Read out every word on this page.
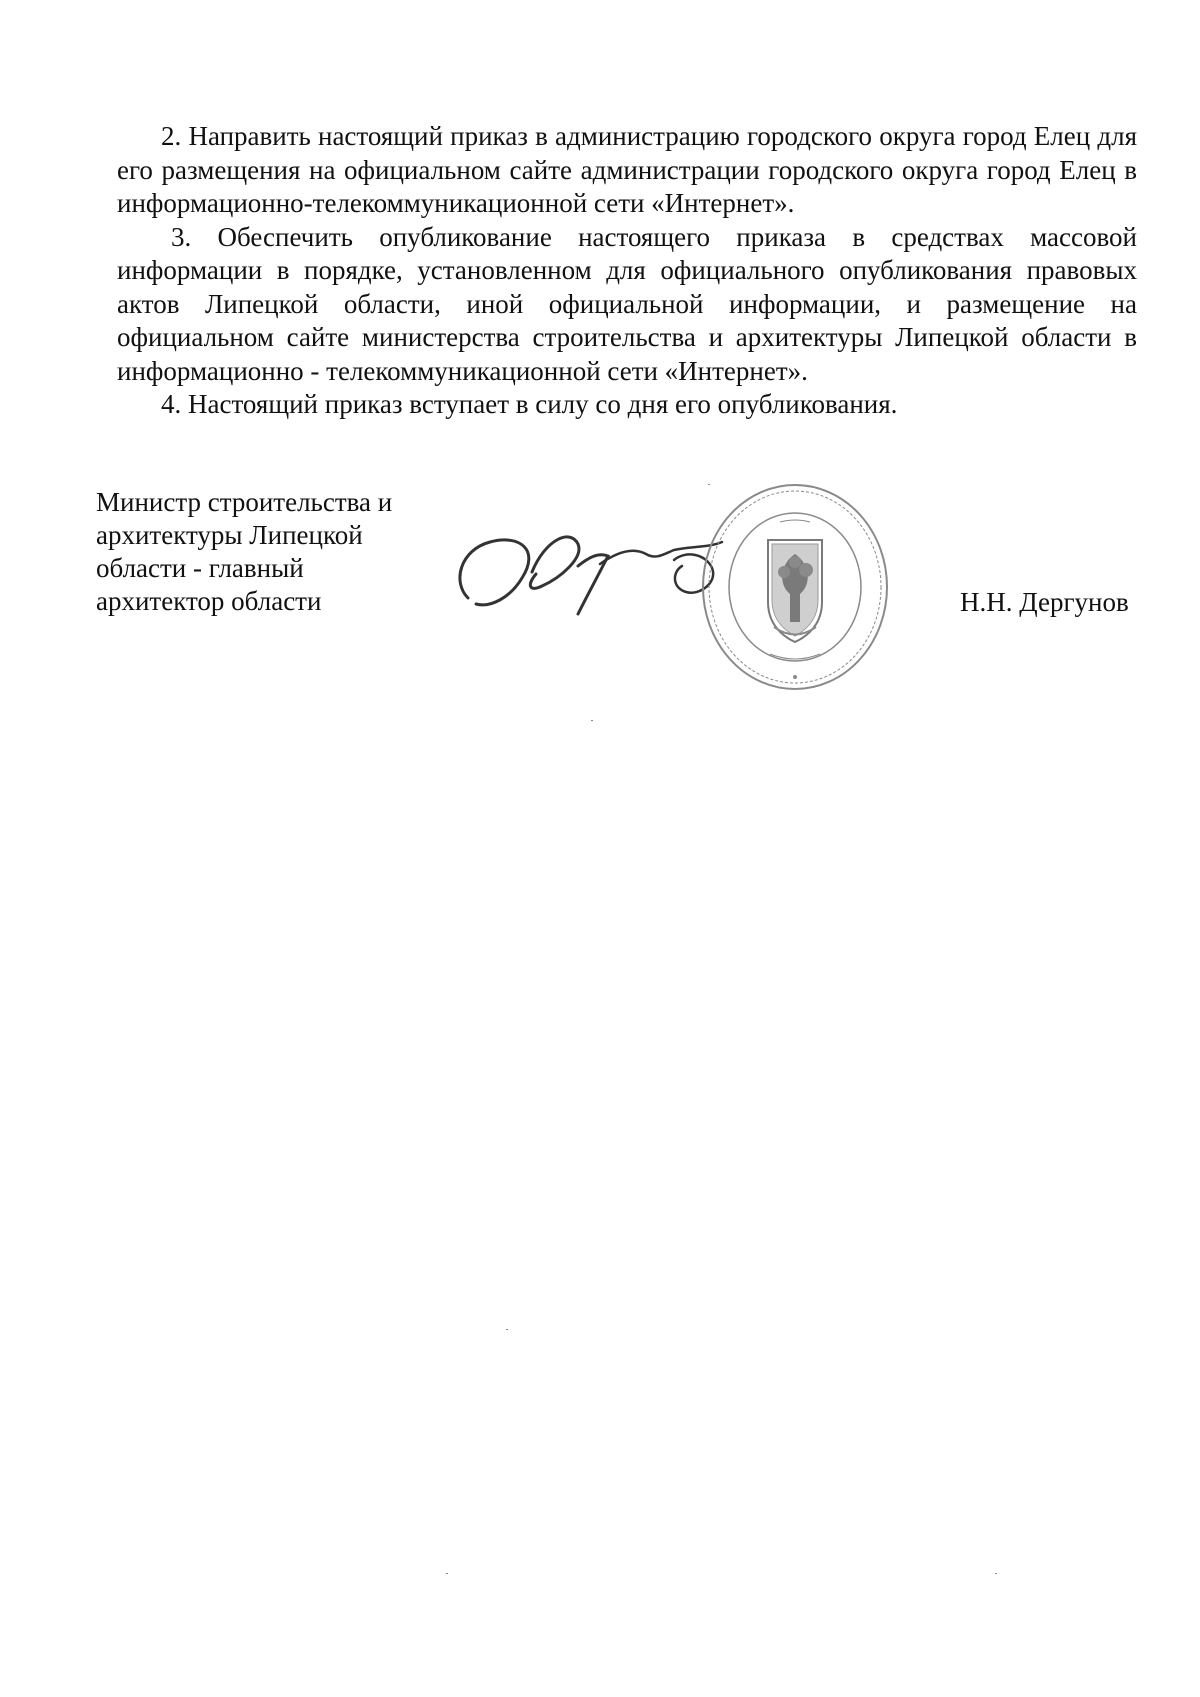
2. Направить настоящий приказ в администрацию городского округа город Елец для его размещения на официальном сайте администрации городского округа город Елец в информационно-телекоммуникационной сети «Интернет».

3. Обеспечить опубликование настоящего приказа в средствах массовой информации в порядке, установленном для официального опубликования правовых актов Липецкой области, иной официальной информации, и размещение на официальном сайте министерства строительства и архитектуры Липецкой области в информационно - телекоммуникационной сети «Интернет».

4. Настоящий приказ вступает в силу со дня его опубликования.

Министр строительства и
архитектуры Липецкой
области - главный
архитектор области	Н.Н. Дергунов
